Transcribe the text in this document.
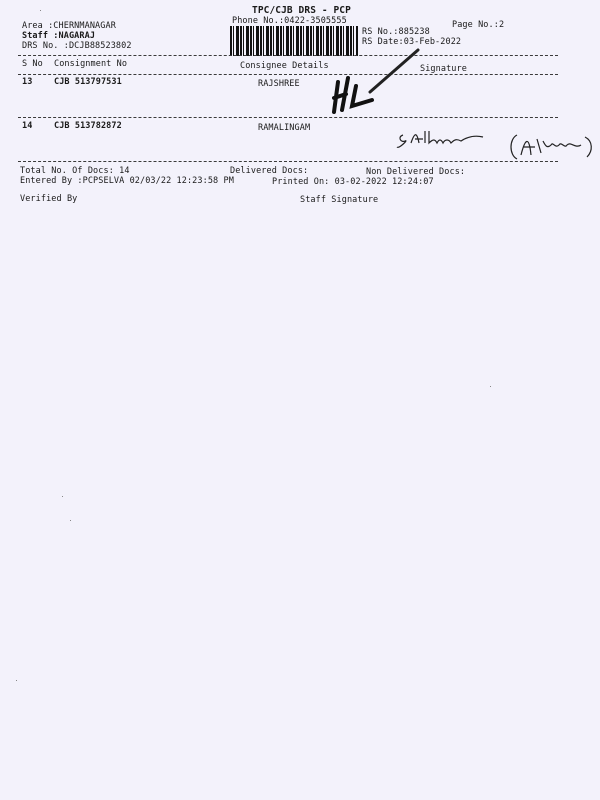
TPC/CJB DRS - PCP
Phone No.:0422-3505555	Page No.:2
Area :CHERNMANAGAR
Staff :NAGARAJ
DRS No. :DCJB88523802
RS No.:885238
RS Date:03-Feb-2022
S No Consignment No	Consignee Details	Signature
13	CJB 513797531	RAJSHREE
14	CJB 513782872	RAMALINGAM
Total No. Of Docs: 14	Delivered Docs:	Non Delivered Docs:
Entered By :PCPSELVA 02/03/22 12:23:58 PM	Printed On: 03-02-2022 12:24:07
Verified By	Staff Signature
